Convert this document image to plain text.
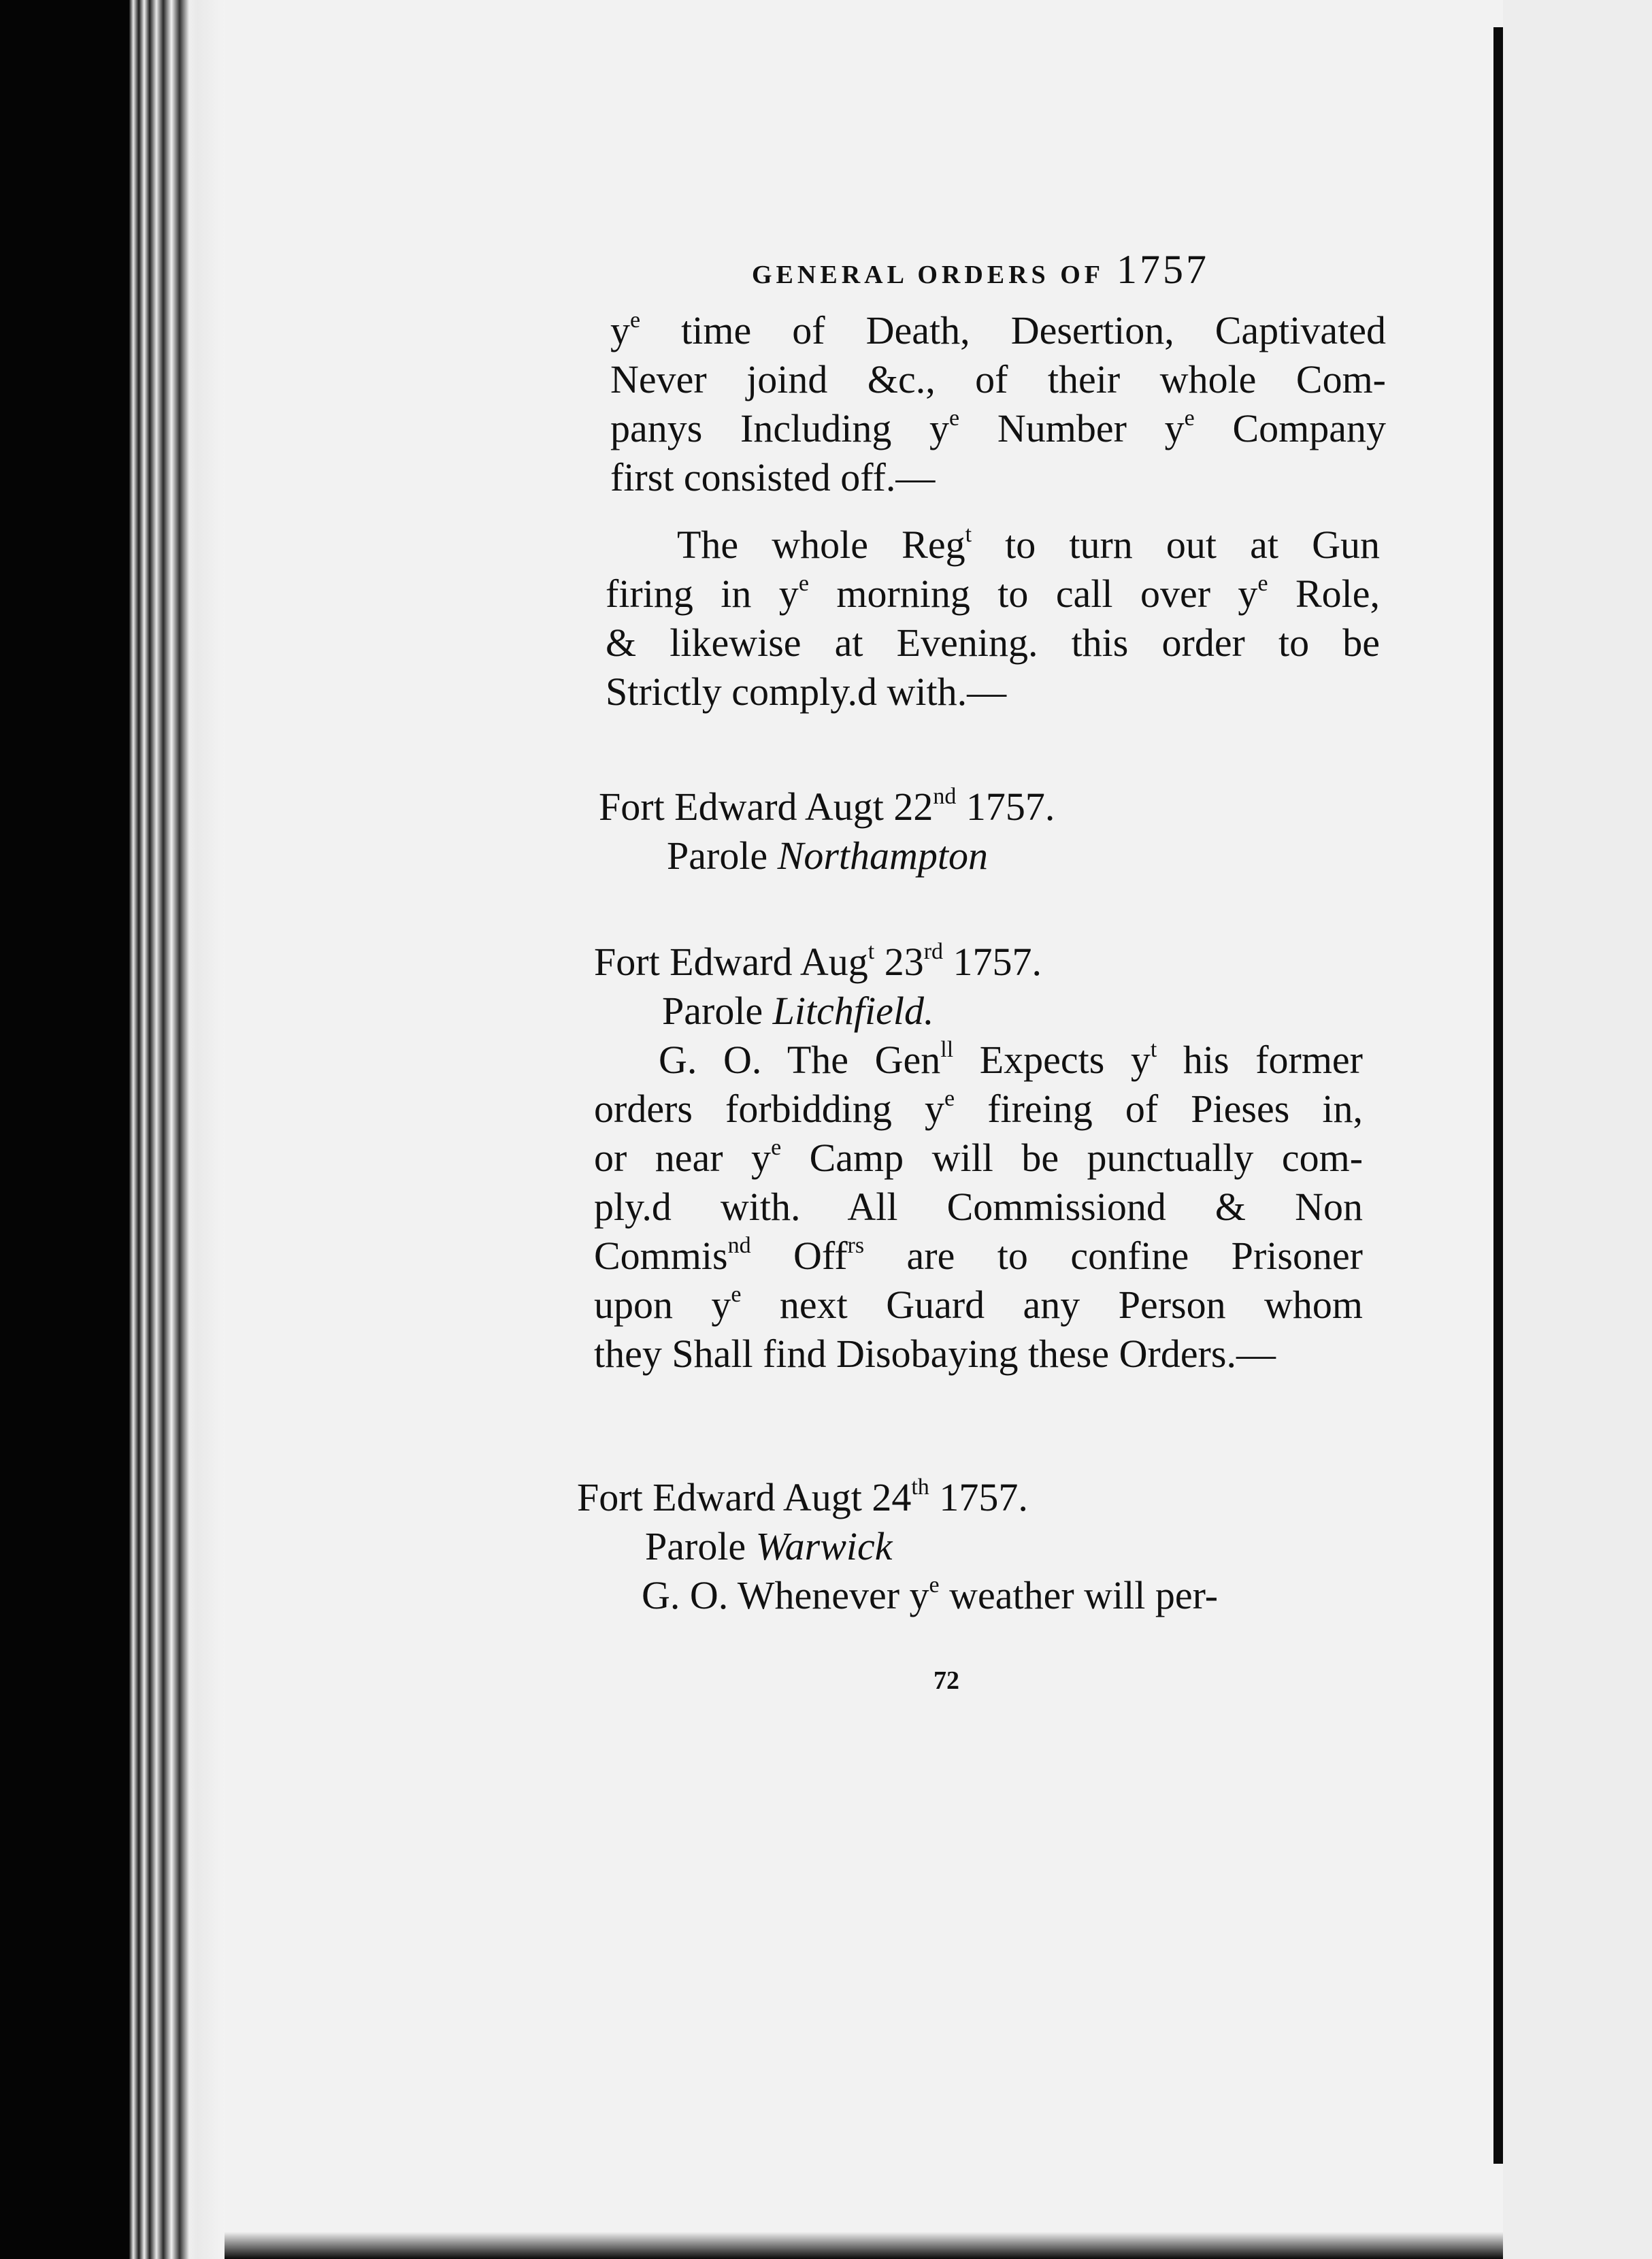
GENERAL ORDERS OF 1757
$y^e$ time of Death, Desertion, Captivated
Never joind &c., of their whole Com-
panys Including $y^e$ Number $y^e$ Company
first consisted off.—
The whole Reg$^t$ to turn out at Gun
firing in $y^e$ morning to call over $y^e$ Role,
& likewise at Evening. this order to be
Strictly comply.d with.—
Fort Edward Augt 22nd 1757.
Parole Northampton
Fort Edward Aug$^t$ 23rd 1757.
Parole Litchfield.
G. O. The Gen$^{ll}$ Expects $y^t$ his former
orders forbidding $y^e$ fireing of Pieses in,
or near $y^e$ Camp will be punctually com-
ply.d with. All Commissiond & Non
Commis$^{nd}$ Off$^{rs}$ are to confine Prisoner
upon $y^e$ next Guard any Person whom
they Shall find Disobaying these Orders.—
Fort Edward Augt 24th 1757.
Parole Warwick
G. O. Whenever $y^e$ weather will per-
72
